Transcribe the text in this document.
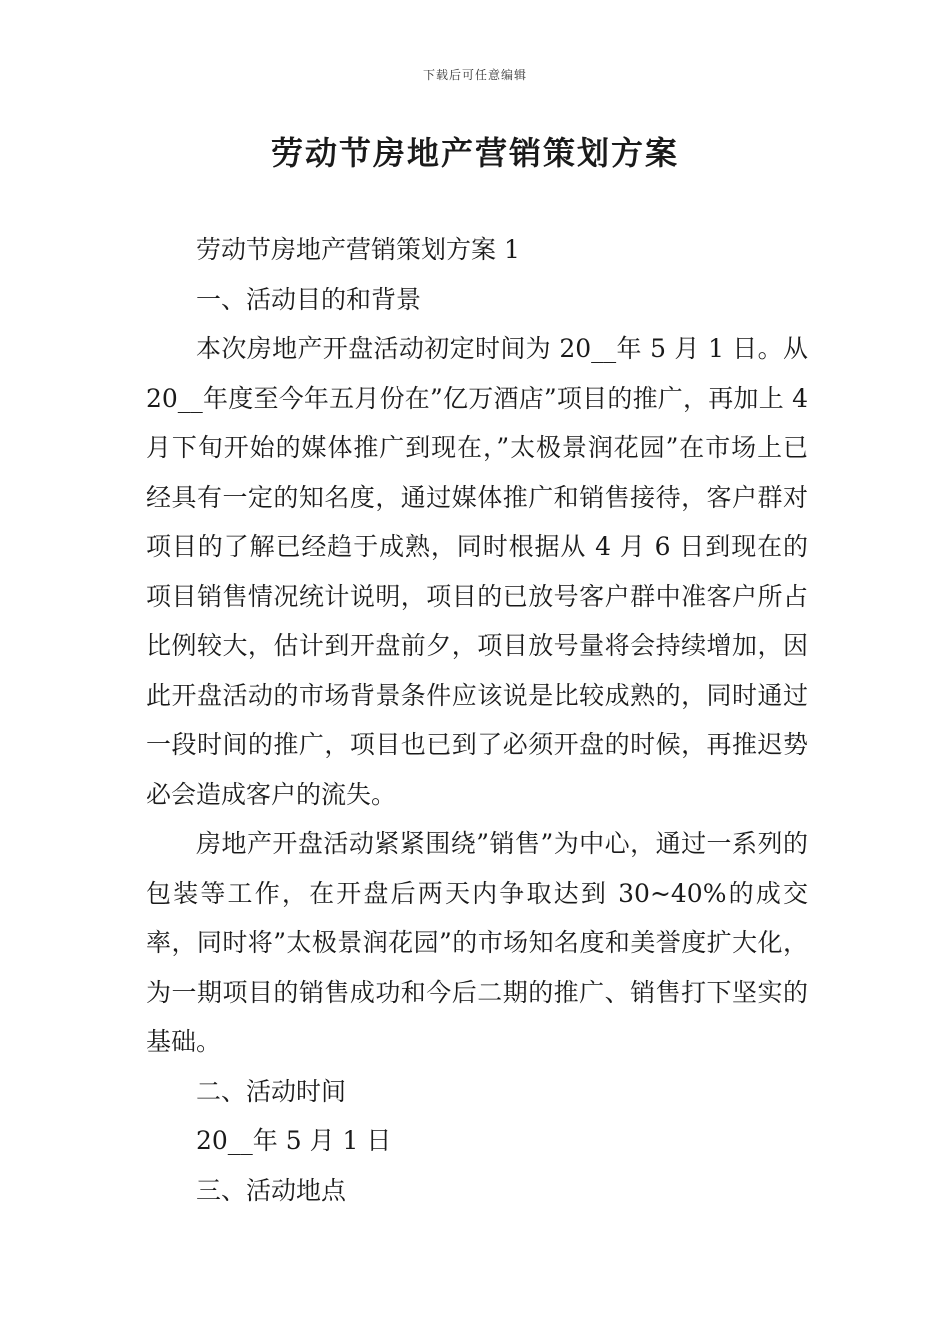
下载后可任意编辑
劳动节房地产营销策划方案

劳动节房地产营销策划方案 1

一、活动目的和背景

本次房地产开盘活动初定时间为 20__年 5 月 1 日。从 20__年度至今年五月份在”亿万酒店”项目的推广，再加上 4 月下旬开始的媒体推广到现在，”太极景润花园”在市场上已经具有一定的知名度，通过媒体推广和销售接待，客户群对项目的了解已经趋于成熟，同时根据从 4 月 6 日到现在的项目销售情况统计说明，项目的已放号客户群中准客户所占比例较大，估计到开盘前夕，项目放号量将会持续增加，因此开盘活动的市场背景条件应该说是比较成熟的，同时通过一段时间的推广，项目也已到了必须开盘的时候，再推迟势必会造成客户的流失。

房地产开盘活动紧紧围绕”销售”为中心，通过一系列的包装等工作，在开盘后两天内争取达到 30~40%的成交率，同时将”太极景润花园”的市场知名度和美誉度扩大化，为一期项目的销售成功和今后二期的推广、销售打下坚实的基础。

二、活动时间

20__年 5 月 1 日

三、活动地点
